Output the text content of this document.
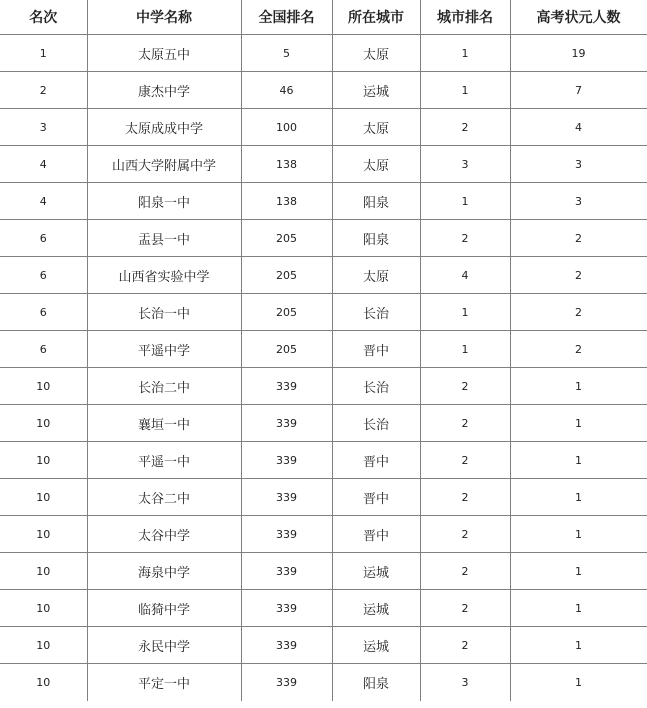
名次	中学名称	全国排名	所在城市	城市排名	高考状元人数
1	太原五中	5	太原	1	19
2	康杰中学	46	运城	1	7
3	太原成成中学	100	太原	2	4
4	山西大学附属中学	138	太原	3	3
4	阳泉一中	138	阳泉	1	3
6	盂县一中	205	阳泉	2	2
6	山西省实验中学	205	太原	4	2
6	长治一中	205	长治	1	2
6	平遥中学	205	晋中	1	2
10	长治二中	339	长治	2	1
10	襄垣一中	339	长治	2	1
10	平遥一中	339	晋中	2	1
10	太谷二中	339	晋中	2	1
10	太谷中学	339	晋中	2	1
10	海泉中学	339	运城	2	1
10	临猗中学	339	运城	2	1
10	永民中学	339	运城	2	1
10	平定一中	339	阳泉	3	1
